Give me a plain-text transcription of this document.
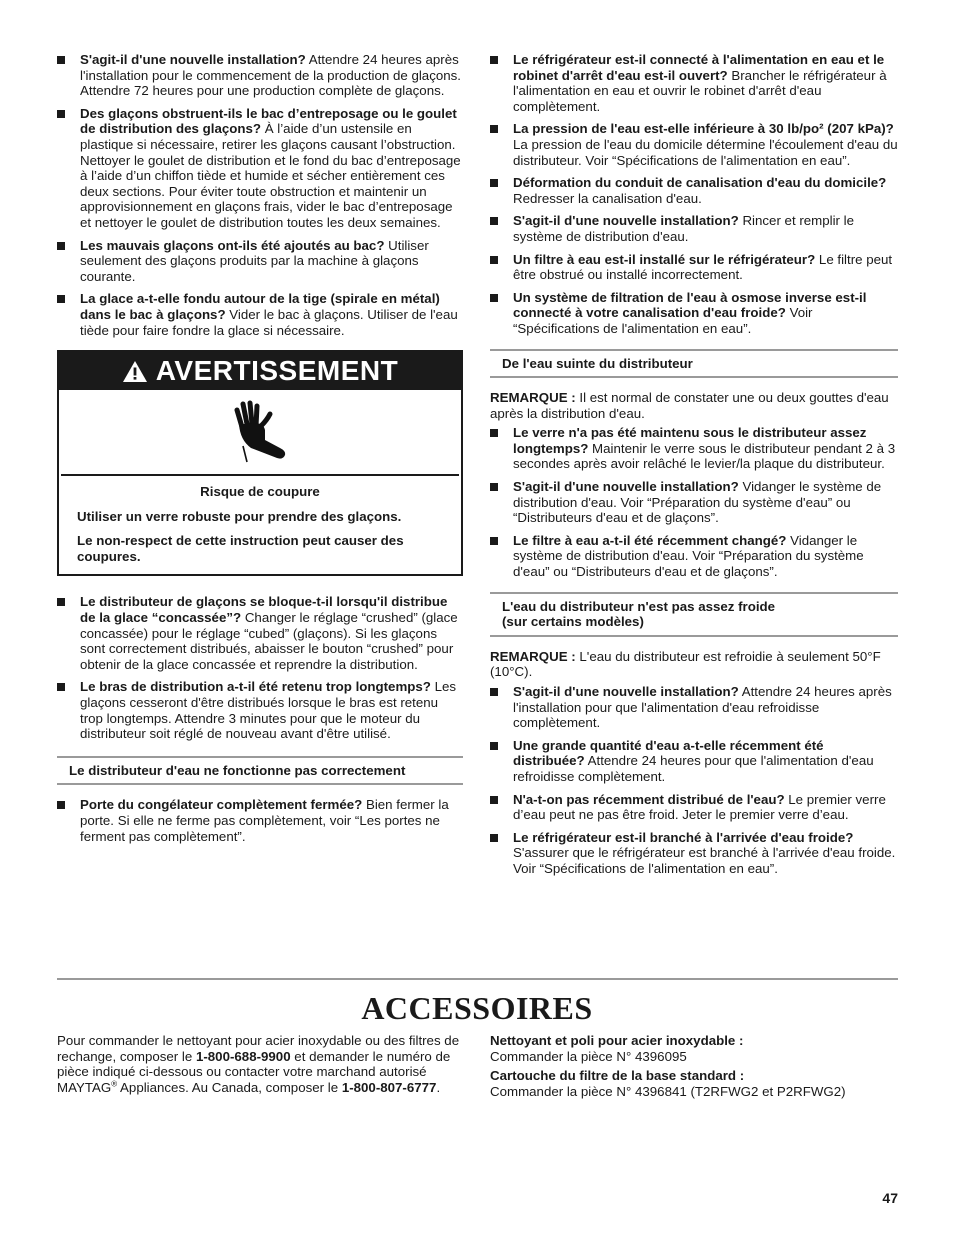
S'agit-il d'une nouvelle installation? Attendre 24 heures après l'installation pour le commencement de la production de glaçons. Attendre 72 heures pour une production complète de glaçons.
Des glaçons obstruent-ils le bac d’entreposage ou le goulet de distribution des glaçons? À l’aide d’un ustensile en plastique si nécessaire, retirer les glaçons causant l’obstruction. Nettoyer le goulet de distribution et le fond du bac d’entreposage à l’aide d’un chiffon tiède et humide et sécher entièrement ces deux sections. Pour éviter toute obstruction et maintenir un approvisionnement en glaçons frais, vider le bac d’entreposage et nettoyer le goulet de distribution toutes les deux semaines.
Les mauvais glaçons ont-ils été ajoutés au bac? Utiliser seulement des glaçons produits par la machine à glaçons courante.
La glace a-t-elle fondu autour de la tige (spirale en métal) dans le bac à glaçons? Vider le bac à glaçons. Utiliser de l'eau tiède pour faire fondre la glace si nécessaire.
AVERTISSEMENT
Risque de coupure

Utiliser un verre robuste pour prendre des glaçons.

Le non-respect de cette instruction peut causer des coupures.

Le distributeur de glaçons se bloque-t-il lorsqu'il distribue de la glace “concassée”? Changer le réglage “crushed” (glace concassée) pour le réglage “cubed” (glaçons). Si les glaçons sont correctement distribués, abaisser le bouton “crushed” pour obtenir de la glace concassée et reprendre la distribution.
Le bras de distribution a-t-il été retenu trop longtemps? Les glaçons cesseront d'être distribués lorsque le bras est retenu trop longtemps. Attendre 3 minutes pour que le moteur du distributeur soit réglé de nouveau avant d'être utilisé.
Le distributeur d'eau ne fonctionne pas correctement
Porte du congélateur complètement fermée? Bien fermer la porte. Si elle ne ferme pas complètement, voir “Les portes ne ferment pas complètement”.
Le réfrigérateur est-il connecté à l'alimentation en eau et le robinet d'arrêt d'eau est-il ouvert? Brancher le réfrigérateur à l'alimentation en eau et ouvrir le robinet d'arrêt d'eau complètement.
La pression de l'eau est-elle inférieure à 30 lb/po² (207 kPa)? La pression de l'eau du domicile détermine l'écoulement d'eau du distributeur. Voir “Spécifications de l'alimentation en eau”.
Déformation du conduit de canalisation d'eau du domicile? Redresser la canalisation d'eau.
S'agit-il d'une nouvelle installation? Rincer et remplir le système de distribution d'eau.
Un filtre à eau est-il installé sur le réfrigérateur? Le filtre peut être obstrué ou installé incorrectement.
Un système de filtration de l'eau à osmose inverse est-il connecté à votre canalisation d'eau froide? Voir “Spécifications de l'alimentation en eau”.
De l'eau suinte du distributeur

REMARQUE : Il est normal de constater une ou deux gouttes d'eau après la distribution d'eau.

Le verre n'a pas été maintenu sous le distributeur assez longtemps? Maintenir le verre sous le distributeur pendant 2 à 3 secondes après avoir relâché le levier/la plaque du distributeur.
S'agit-il d'une nouvelle installation? Vidanger le système de distribution d'eau. Voir “Préparation du système d'eau” ou “Distributeurs d'eau et de glaçons”.
Le filtre à eau a-t-il été récemment changé? Vidanger le système de distribution d'eau. Voir “Préparation du système d'eau” ou “Distributeurs d'eau et de glaçons”.
L'eau du distributeur n'est pas assez froide
(sur certains modèles)

REMARQUE : L'eau du distributeur est refroidie à seulement 50°F (10°C).

S'agit-il d'une nouvelle installation? Attendre 24 heures après l'installation pour que l'alimentation d'eau refroidisse complètement.
Une grande quantité d'eau a-t-elle récemment été distribuée? Attendre 24 heures pour que l'alimentation d'eau refroidisse complètement.
N'a-t-on pas récemment distribué de l'eau? Le premier verre d’eau peut ne pas être froid. Jeter le premier verre d’eau.
Le réfrigérateur est-il branché à l'arrivée d'eau froide? S'assurer que le réfrigérateur est branché à l'arrivée d'eau froide. Voir “Spécifications de l'alimentation en eau”.
ACCESSOIRES
Pour commander le nettoyant pour acier inoxydable ou des filtres de rechange, composer le 1-800-688-9900 et demander le numéro de pièce indiqué ci-dessous ou contacter votre marchand autorisé MAYTAG® Appliances. Au Canada, composer le 1-800-807-6777.
Nettoyant et poli pour acier inoxydable :

Commander la pièce N° 4396095

Cartouche du filtre de la base standard :

Commander la pièce N° 4396841 (T2RFWG2 et P2RFWG2)

47
